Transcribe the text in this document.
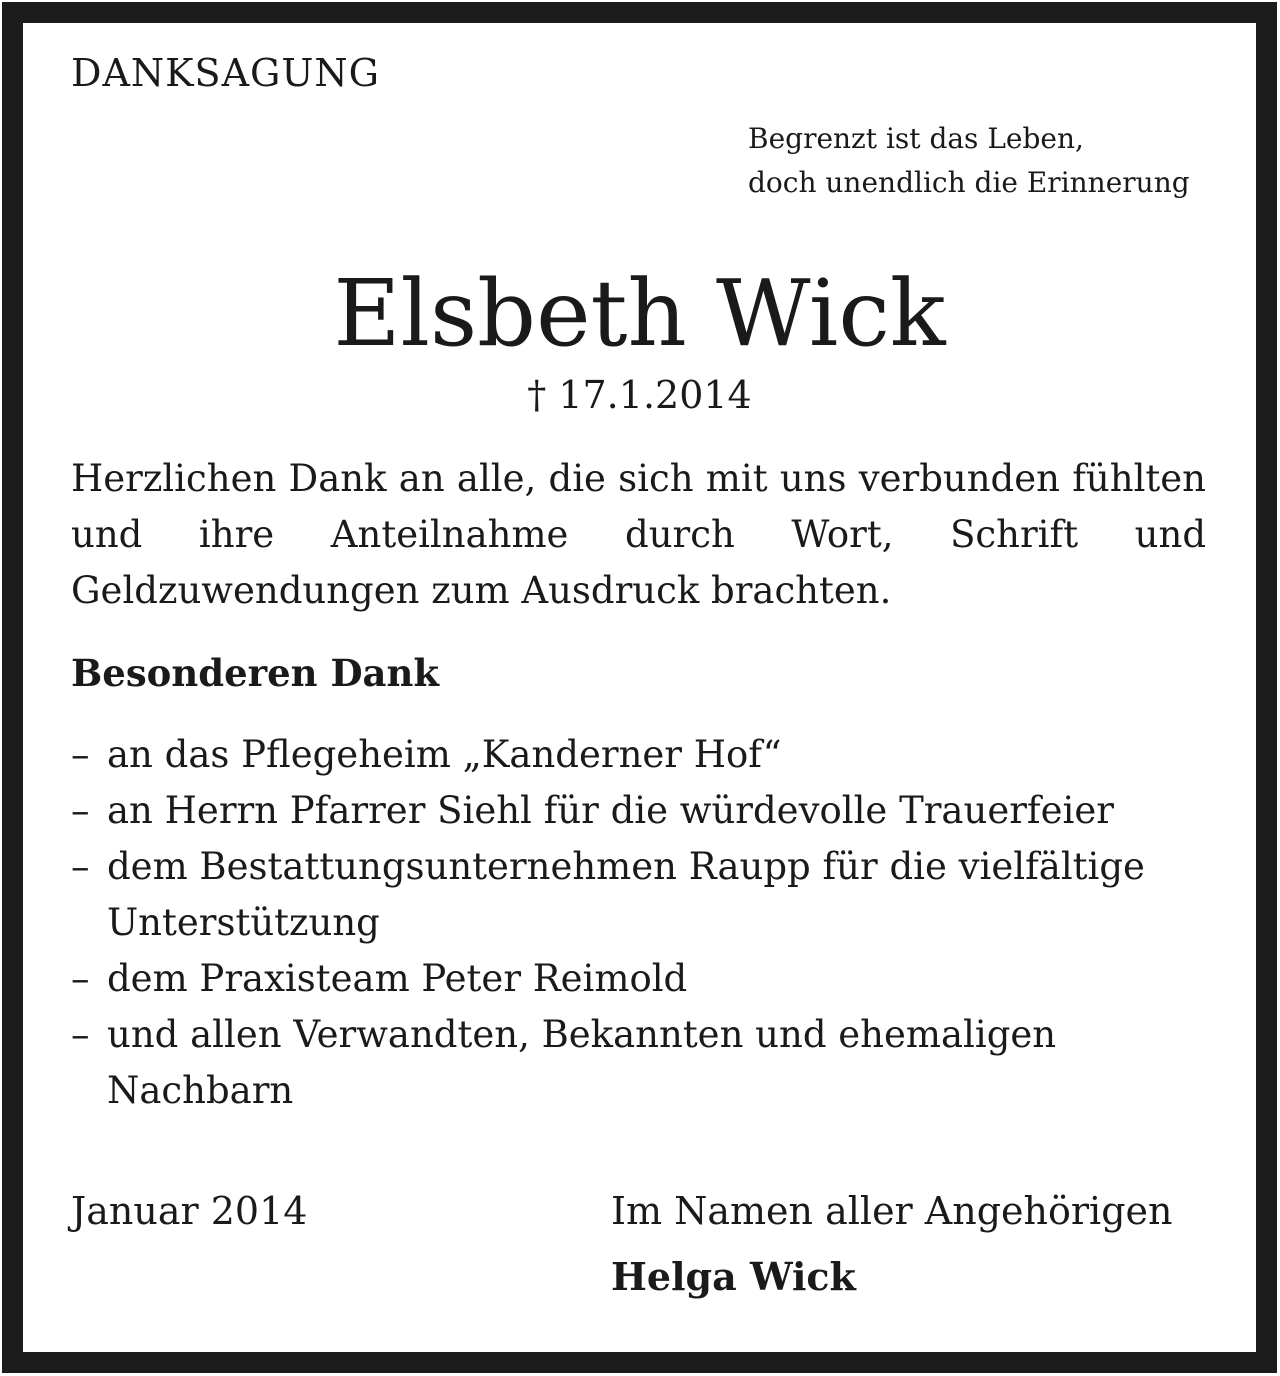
DANKSAGUNG

Begrenzt ist das Leben,
doch unendlich die Erinnerung
Elsbeth Wick

† 17.1.2014

Herzlichen Dank an alle, die sich mit uns verbunden fühlten und ihre Anteilnahme durch Wort, Schrift und Geldzuwendungen zum Ausdruck brachten.

Besonderen Dank

– an das Pflegeheim „Kanderner Hof“
– an Herrn Pfarrer Siehl für die würdevolle Trauerfeier
– dem Bestattungsunternehmen Raupp für die vielfältige Unterstützung
– dem Praxisteam Peter Reimold
– und allen Verwandten, Bekannten und ehemaligen Nachbarn

Januar 2014	Im Namen aller Angehörigen

Helga Wick
